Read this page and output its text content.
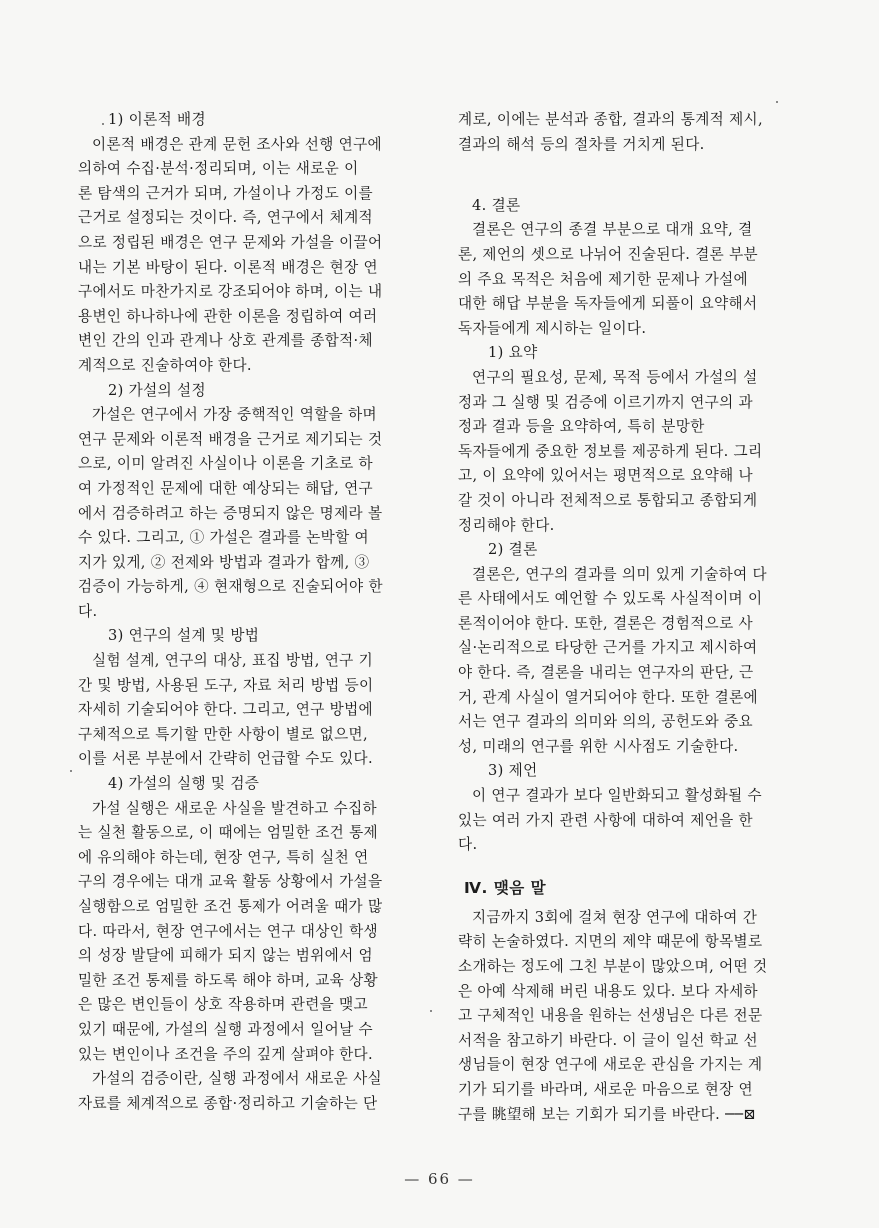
1) 이론적 배경
이론적 배경은 관계 문헌 조사와 선행 연구에
의하여 수집·분석·정리되며, 이는 새로운 이
론 탐색의 근거가 되며, 가설이나 가정도 이를
근거로 설정되는 것이다. 즉, 연구에서 체계적
으로 정립된 배경은 연구 문제와 가설을 이끌어
내는 기본 바탕이 된다. 이론적 배경은 현장 연
구에서도 마찬가지로 강조되어야 하며, 이는 내
용변인 하나하나에 관한 이론을 정립하여 여러
변인 간의 인과 관계나 상호 관계를 종합적·체
계적으로 진술하여야 한다.
2) 가설의 설정
가설은 연구에서 가장 중핵적인 역할을 하며
연구 문제와 이론적 배경을 근거로 제기되는 것
으로, 이미 알려진 사실이나 이론을 기초로 하
여 가정적인 문제에 대한 예상되는 해답, 연구
에서 검증하려고 하는 증명되지 않은 명제라 볼
수 있다. 그리고, ① 가설은 결과를 논박할 여
지가 있게, ② 전제와 방법과 결과가 합께, ③
검증이 가능하게, ④ 현재형으로 진술되어야 한
다.
3) 연구의 설계 및 방법
실험 설계, 연구의 대상, 표집 방법, 연구 기
간 및 방법, 사용된 도구, 자료 처리 방법 등이
자세히 기술되어야 한다. 그리고, 연구 방법에
구체적으로 특기할 만한 사항이 별로 없으면,
이를 서론 부분에서 간략히 언급할 수도 있다.
4) 가설의 실행 및 검증
가설 실행은 새로운 사실을 발견하고 수집하
는 실천 활동으로, 이 때에는 엄밀한 조건 통제
에 유의해야 하는데, 현장 연구, 특히 실천 연
구의 경우에는 대개 교육 활동 상황에서 가설을
실행함으로 엄밀한 조건 통제가 어려울 때가 많
다. 따라서, 현장 연구에서는 연구 대상인 학생
의 성장 발달에 피해가 되지 않는 범위에서 엄
밀한 조건 통제를 하도록 해야 하며, 교육 상황
은 많은 변인들이 상호 작용하며 관련을 맺고
있기 때문에, 가설의 실행 과정에서 일어날 수
있는 변인이나 조건을 주의 깊게 살펴야 한다.
가설의 검증이란, 실행 과정에서 새로운 사실
자료를 체계적으로 종합·정리하고 기술하는 단
계로, 이에는 분석과 종합, 결과의 통계적 제시,
결과의 해석 등의 절차를 거치게 된다.
4. 결론
결론은 연구의 종결 부분으로 대개 요약, 결
론, 제언의 셋으로 나뉘어 진술된다. 결론 부분
의 주요 목적은 처음에 제기한 문제나 가설에
대한 해답 부분을 독자들에게 되풀이 요약해서
독자들에게 제시하는 일이다.
1) 요약
연구의 필요성, 문제, 목적 등에서 가설의 설
정과 그 실행 및 검증에 이르기까지 연구의 과
정과 결과 등을 요약하여, 특히 분망한
독자들에게 중요한 정보를 제공하게 된다. 그리
고, 이 요약에 있어서는 평면적으로 요약해 나
갈 것이 아니라 전체적으로 통합되고 종합되게
정리해야 한다.
2) 결론
결론은, 연구의 결과를 의미 있게 기술하여 다
른 사태에서도 예언할 수 있도록 사실적이며 이
론적이어야 한다. 또한, 결론은 경험적으로 사
실·논리적으로 타당한 근거를 가지고 제시하여
야 한다. 즉, 결론을 내리는 연구자의 판단, 근
거, 관계 사실이 열거되어야 한다. 또한 결론에
서는 연구 결과의 의미와 의의, 공헌도와 중요
성, 미래의 연구를 위한 시사점도 기술한다.
3) 제언
이 연구 결과가 보다 일반화되고 활성화될 수
있는 여러 가지 관련 사항에 대하여 제언을 한
다.
Ⅳ. 맺음 말
지금까지 3회에 걸쳐 현장 연구에 대하여 간
략히 논술하였다. 지면의 제약 때문에 항목별로
소개하는 정도에 그친 부분이 많았으며, 어떤 것
은 아예 삭제해 버린 내용도 있다. 보다 자세하
고 구체적인 내용을 원하는 선생님은 다른 전문
서적을 참고하기 바란다. 이 글이 일선 학교 선
생님들이 현장 연구에 새로운 관심을 가지는 계
기가 되기를 바라며, 새로운 마음으로 현장 연
구를 眺望해 보는 기회가 되기를 바란다. ──⊠
— 66 —
